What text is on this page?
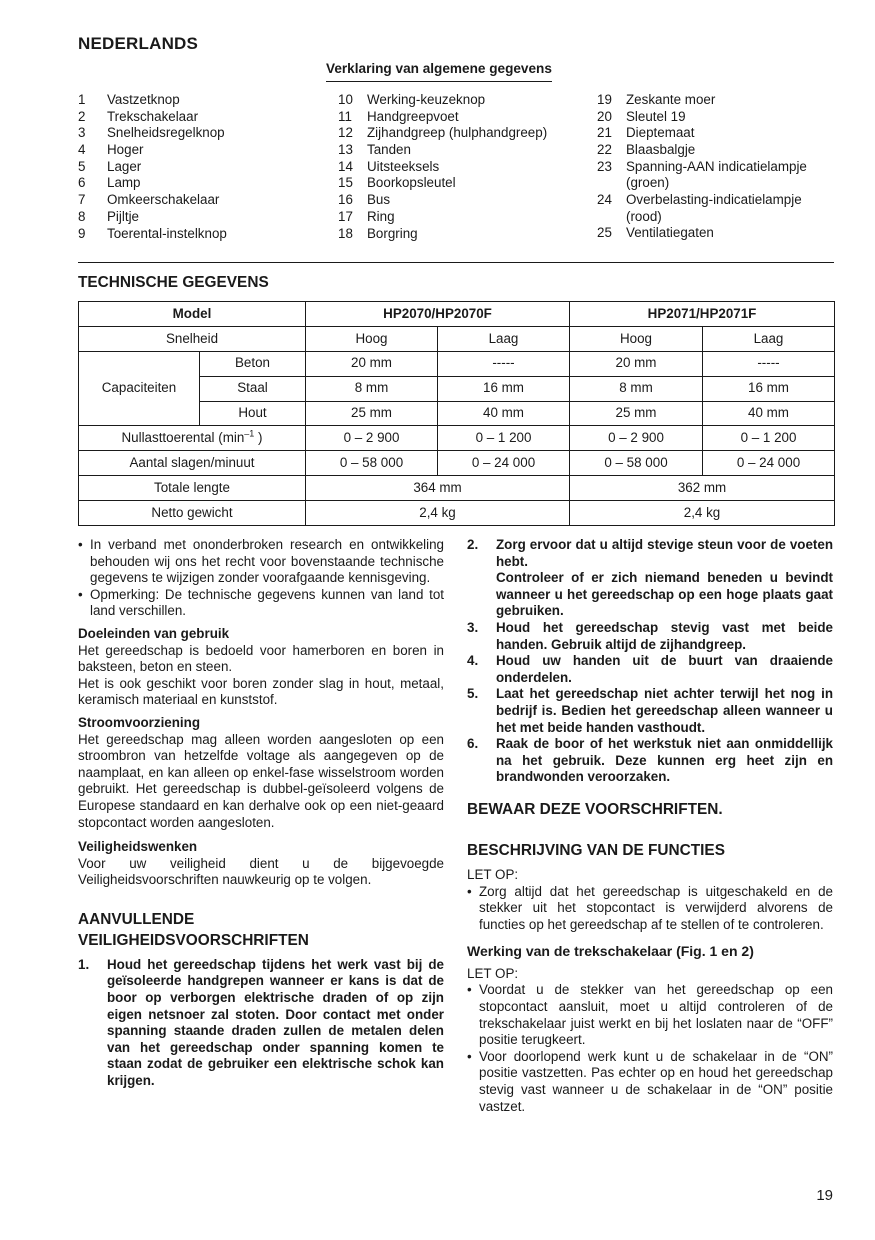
NEDERLANDS
Verklaring van algemene gegevens
1	Vastzetknop
2	Trekschakelaar
3	Snelheidsregelknop
4	Hoger
5	Lager
6	Lamp
7	Omkeerschakelaar
8	Pijltje
9	Toerental-instelknop
10	Werking-keuzeknop
11	Handgreepvoet
12	Zijhandgreep (hulphandgreep)
13	Tanden
14	Uitsteeksels
15	Boorkopsleutel
16	Bus
17	Ring
18	Borgring
19	Zeskante moer
20	Sleutel 19
21	Dieptemaat
22	Blaasbalgje
23	Spanning-AAN indicatielampje (groen)
24	Overbelasting-indicatielampje (rood)
25	Ventilatiegaten
TECHNISCHE GEGEVENS
Model		HP2070/HP2070F		HP2071/HP2071F	
Snelheid		Hoog	Laag	Hoog	Laag
Capaciteiten	Beton	20 mm	-----	20 mm	-----
	Staal	8 mm	16 mm	8 mm	16 mm
	Hout	25 mm	40 mm	25 mm	40 mm
Nullasttoerental ($\min^{-1}$ )		0 – 2 900	0 – 1 200	0 – 2 900	0 – 1 200
Aantal slagen/minuut		0 – 58 000	0 – 24 000	0 – 58 000	0 – 24 000
Totale lengte		364 mm		362 mm	
Netto gewicht		2,4 kg		2,4 kg	
• In verband met ononderbroken research en ontwikkeling behouden wij ons het recht voor bovenstaande technische gegevens te wijzigen zonder voorafgaande kennisgeving.
• Opmerking: De technische gegevens kunnen van land tot land verschillen.

Doeleinden van gebruik

Het gereedschap is bedoeld voor hamerboren en boren in baksteen, beton en steen.

Het is ook geschikt voor boren zonder slag in hout, metaal, keramisch materiaal en kunststof.

Stroomvoorziening

Het gereedschap mag alleen worden aangesloten op een stroombron van hetzelfde voltage als aangegeven op de naamplaat, en kan alleen op enkel-fase wisselstroom worden gebruikt. Het gereedschap is dubbel-geïsoleerd volgens de Europese standaard en kan derhalve ook op een niet-geaard stopcontact worden aangesloten.

Veiligheidswenken

Voor uw veiligheid dient u de bijgevoegde Veiligheidsvoorschriften nauwkeurig op te volgen.

AANVULLENDE
VEILIGHEIDSVOORSCHRIFTEN
1. Houd het gereedschap tijdens het werk vast bij de geïsoleerde handgrepen wanneer er kans is dat de boor op verborgen elektrische draden of op zijn eigen netsnoer zal stoten. Door contact met onder spanning staande draden zullen de metalen delen van het gereedschap onder spanning komen te staan zodat de gebruiker een elektrische schok kan krijgen.
2. Zorg ervoor dat u altijd stevige steun voor de voeten hebt.
Controleer of er zich niemand beneden u bevindt wanneer u het gereedschap op een hoge plaats gaat gebruiken.
3. Houd het gereedschap stevig vast met beide handen. Gebruik altijd de zijhandgreep.
4. Houd uw handen uit de buurt van draaiende onderdelen.
5. Laat het gereedschap niet achter terwijl het nog in bedrijf is. Bedien het gereedschap alleen wanneer u het met beide handen vasthoudt.
6. Raak de boor of het werkstuk niet aan onmiddellijk na het gebruik. Deze kunnen erg heet zijn en brandwonden veroorzaken.
BEWAAR DEZE VOORSCHRIFTEN.
BESCHRIJVING VAN DE FUNCTIES

LET OP:

• Zorg altijd dat het gereedschap is uitgeschakeld en de stekker uit het stopcontact is verwijderd alvorens de functies op het gereedschap af te stellen of te controleren.

Werking van de trekschakelaar (Fig. 1 en 2)

LET OP:

• Voordat u de stekker van het gereedschap op een stopcontact aansluit, moet u altijd controleren of de trekschakelaar juist werkt en bij het loslaten naar de “OFF” positie terugkeert.
• Voor doorlopend werk kunt u de schakelaar in de “ON” positie vastzetten. Pas echter op en houd het gereedschap stevig vast wanneer u de schakelaar in de “ON” positie vastzet.
19
